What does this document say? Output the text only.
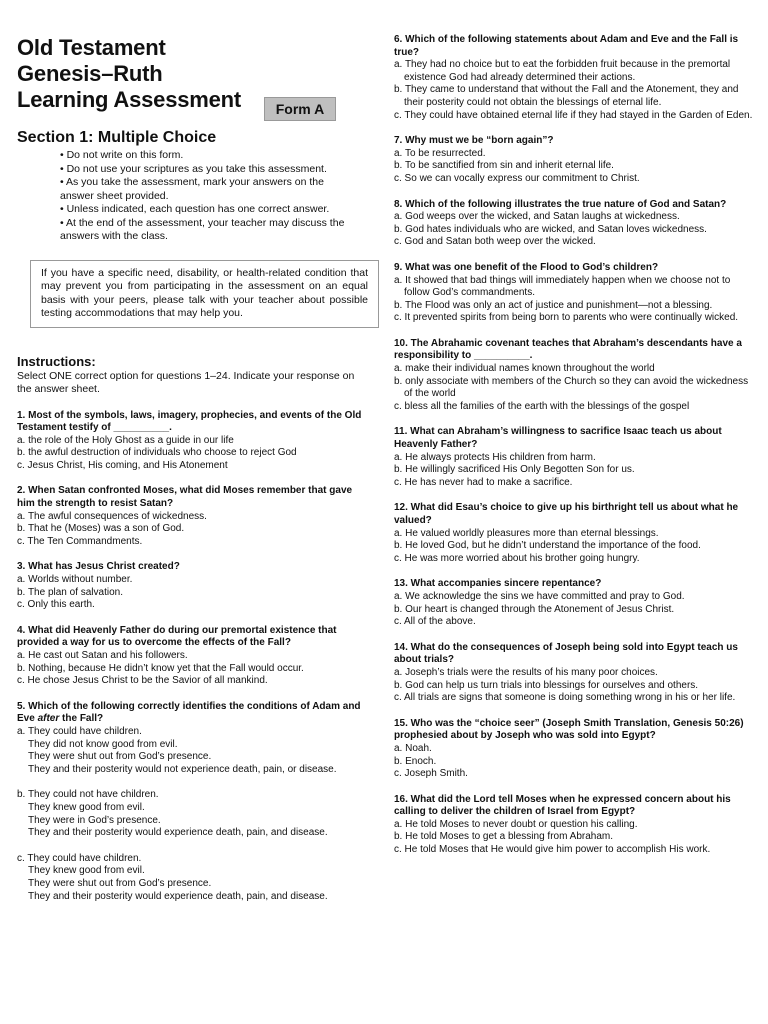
Old Testament
Genesis–Ruth
Learning Assessment	Form A
Section 1: Multiple Choice
• Do not write on this form.
• Do not use your scriptures as you take this assessment.
• As you take the assessment, mark your answers on the
answer sheet provided.
• Unless indicated, each question has one correct answer.
• At the end of the assessment, your teacher may discuss the
answers with the class.
If you have a specific need, disability, or health-related condition that may prevent you from participating in the assessment on an equal basis with your peers, please talk with your teacher about possible testing accommodations that may help you.
Instructions:
Select ONE correct option for questions 1–24. Indicate your response on the answer sheet.
1. Most of the symbols, laws, imagery, prophecies, and events of the Old Testament testify of __________.
a. the role of the Holy Ghost as a guide in our life
b. the awful destruction of individuals who choose to reject God
c. Jesus Christ, His coming, and His Atonement
2. When Satan confronted Moses, what did Moses remember that gave him the strength to resist Satan?
a. The awful consequences of wickedness.
b. That he (Moses) was a son of God.
c. The Ten Commandments.
3. What has Jesus Christ created?
a. Worlds without number.
b. The plan of salvation.
c. Only this earth.
4. What did Heavenly Father do during our premortal existence that provided a way for us to overcome the effects of the Fall?
a. He cast out Satan and his followers.
b. Nothing, because He didn’t know yet that the Fall would occur.
c. He chose Jesus Christ to be the Savior of all mankind.
5. Which of the following correctly identifies the conditions of Adam and Eve after the Fall?
a. They could have children.
They did not know good from evil.
They were shut out from God’s presence.
They and their posterity would not experience death, pain, or disease.
b. They could not have children.
They knew good from evil.
They were in God’s presence.
They and their posterity would experience death, pain, and disease.
c. They could have children.
They knew good from evil.
They were shut out from God’s presence.
They and their posterity would experience death, pain, and disease.
6. Which of the following statements about Adam and Eve and the Fall is true?
a. They had no choice but to eat the forbidden fruit because in the premortal existence God had already determined their actions.
b. They came to understand that without the Fall and the Atonement, they and their posterity could not obtain the blessings of eternal life.
c. They could have obtained eternal life if they had stayed in the Garden of Eden.
7. Why must we be “born again”?
a. To be resurrected.
b. To be sanctified from sin and inherit eternal life.
c. So we can vocally express our commitment to Christ.
8. Which of the following illustrates the true nature of God and Satan?
a. God weeps over the wicked, and Satan laughs at wickedness.
b. God hates individuals who are wicked, and Satan loves wickedness.
c. God and Satan both weep over the wicked.
9. What was one benefit of the Flood to God’s children?
a. It showed that bad things will immediately happen when we choose not to follow God’s commandments.
b. The Flood was only an act of justice and punishment—not a blessing.
c. It prevented spirits from being born to parents who were continually wicked.
10. The Abrahamic covenant teaches that Abraham’s descendants have a responsibility to __________.
a. make their individual names known throughout the world
b. only associate with members of the Church so they can avoid the wickedness of the world
c. bless all the families of the earth with the blessings of the gospel
11. What can Abraham’s willingness to sacrifice Isaac teach us about Heavenly Father?
a. He always protects His children from harm.
b. He willingly sacrificed His Only Begotten Son for us.
c. He has never had to make a sacrifice.
12. What did Esau’s choice to give up his birthright tell us about what he valued?
a. He valued worldly pleasures more than eternal blessings.
b. He loved God, but he didn’t understand the importance of the food.
c. He was more worried about his brother going hungry.
13. What accompanies sincere repentance?
a. We acknowledge the sins we have committed and pray to God.
b. Our heart is changed through the Atonement of Jesus Christ.
c. All of the above.
14. What do the consequences of Joseph being sold into Egypt teach us about trials?
a. Joseph’s trials were the results of his many poor choices.
b. God can help us turn trials into blessings for ourselves and others.
c. All trials are signs that someone is doing something wrong in his or her life.
15. Who was the “choice seer” (Joseph Smith Translation, Genesis 50:26) prophesied about by Joseph who was sold into Egypt?
a. Noah.
b. Enoch.
c. Joseph Smith.
16. What did the Lord tell Moses when he expressed concern about his calling to deliver the children of Israel from Egypt?
a. He told Moses to never doubt or question his calling.
b. He told Moses to get a blessing from Abraham.
c. He told Moses that He would give him power to accomplish His work.
